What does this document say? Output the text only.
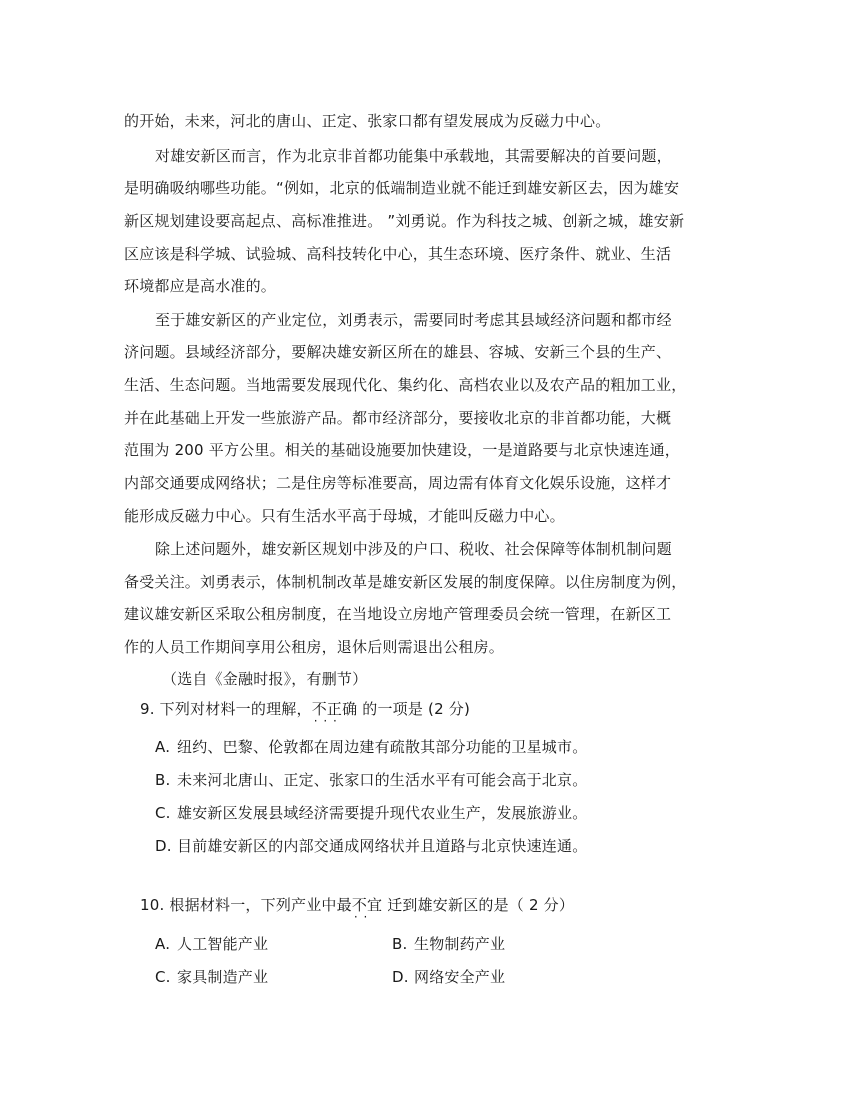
的开始，未来，河北的唐山、正定、张家口都有望发展成为反磁力中心。
对雄安新区而言，作为北京非首都功能集中承载地，其需要解决的首要问题，
是明确吸纳哪些功能。“例如，北京的低端制造业就不能迁到雄安新区去，因为雄安
新区规划建设要高起点、高标准推进。 ”刘勇说。作为科技之城、创新之城，雄安新
区应该是科学城、试验城、高科技转化中心，其生态环境、医疗条件、就业、生活
环境都应是高水准的。
至于雄安新区的产业定位，刘勇表示，需要同时考虑其县域经济问题和都市经
济问题。县域经济部分，要解决雄安新区所在的雄县、容城、安新三个县的生产、
生活、生态问题。当地需要发展现代化、集约化、高档农业以及农产品的粗加工业，
并在此基础上开发一些旅游产品。都市经济部分，要接收北京的非首都功能，大概
范围为 200 平方公里。相关的基础设施要加快建设，一是道路要与北京快速连通，
内部交通要成网络状；二是住房等标准要高，周边需有体育文化娱乐设施，这样才
能形成反磁力中心。只有生活水平高于母城，才能叫反磁力中心。
除上述问题外，雄安新区规划中涉及的户口、税收、社会保障等体制机制问题
备受关注。刘勇表示，体制机制改革是雄安新区发展的制度保障。以住房制度为例，
建议雄安新区采取公租房制度，在当地设立房地产管理委员会统一管理，在新区工
作的人员工作期间享用公租房，退休后则需退出公租房。
（选自《金融时报》，有删节）
9. 下列对材料一的理解，不正确 · · · 的一项是 (2 分)
A. 纽约、巴黎、伦敦都在周边建有疏散其部分功能的卫星城市。
B. 未来河北唐山、正定、张家口的生活水平有可能会高于北京。
C. 雄安新区发展县域经济需要提升现代农业生产，发展旅游业。
D. 目前雄安新区的内部交通成网络状并且道路与北京快速连通。
10. 根据材料一，下列产业中最不宜 · · 迁到雄安新区的是（ 2 分）
A. 人工智能产业	B. 生物制药产业
C. 家具制造产业	D. 网络安全产业
